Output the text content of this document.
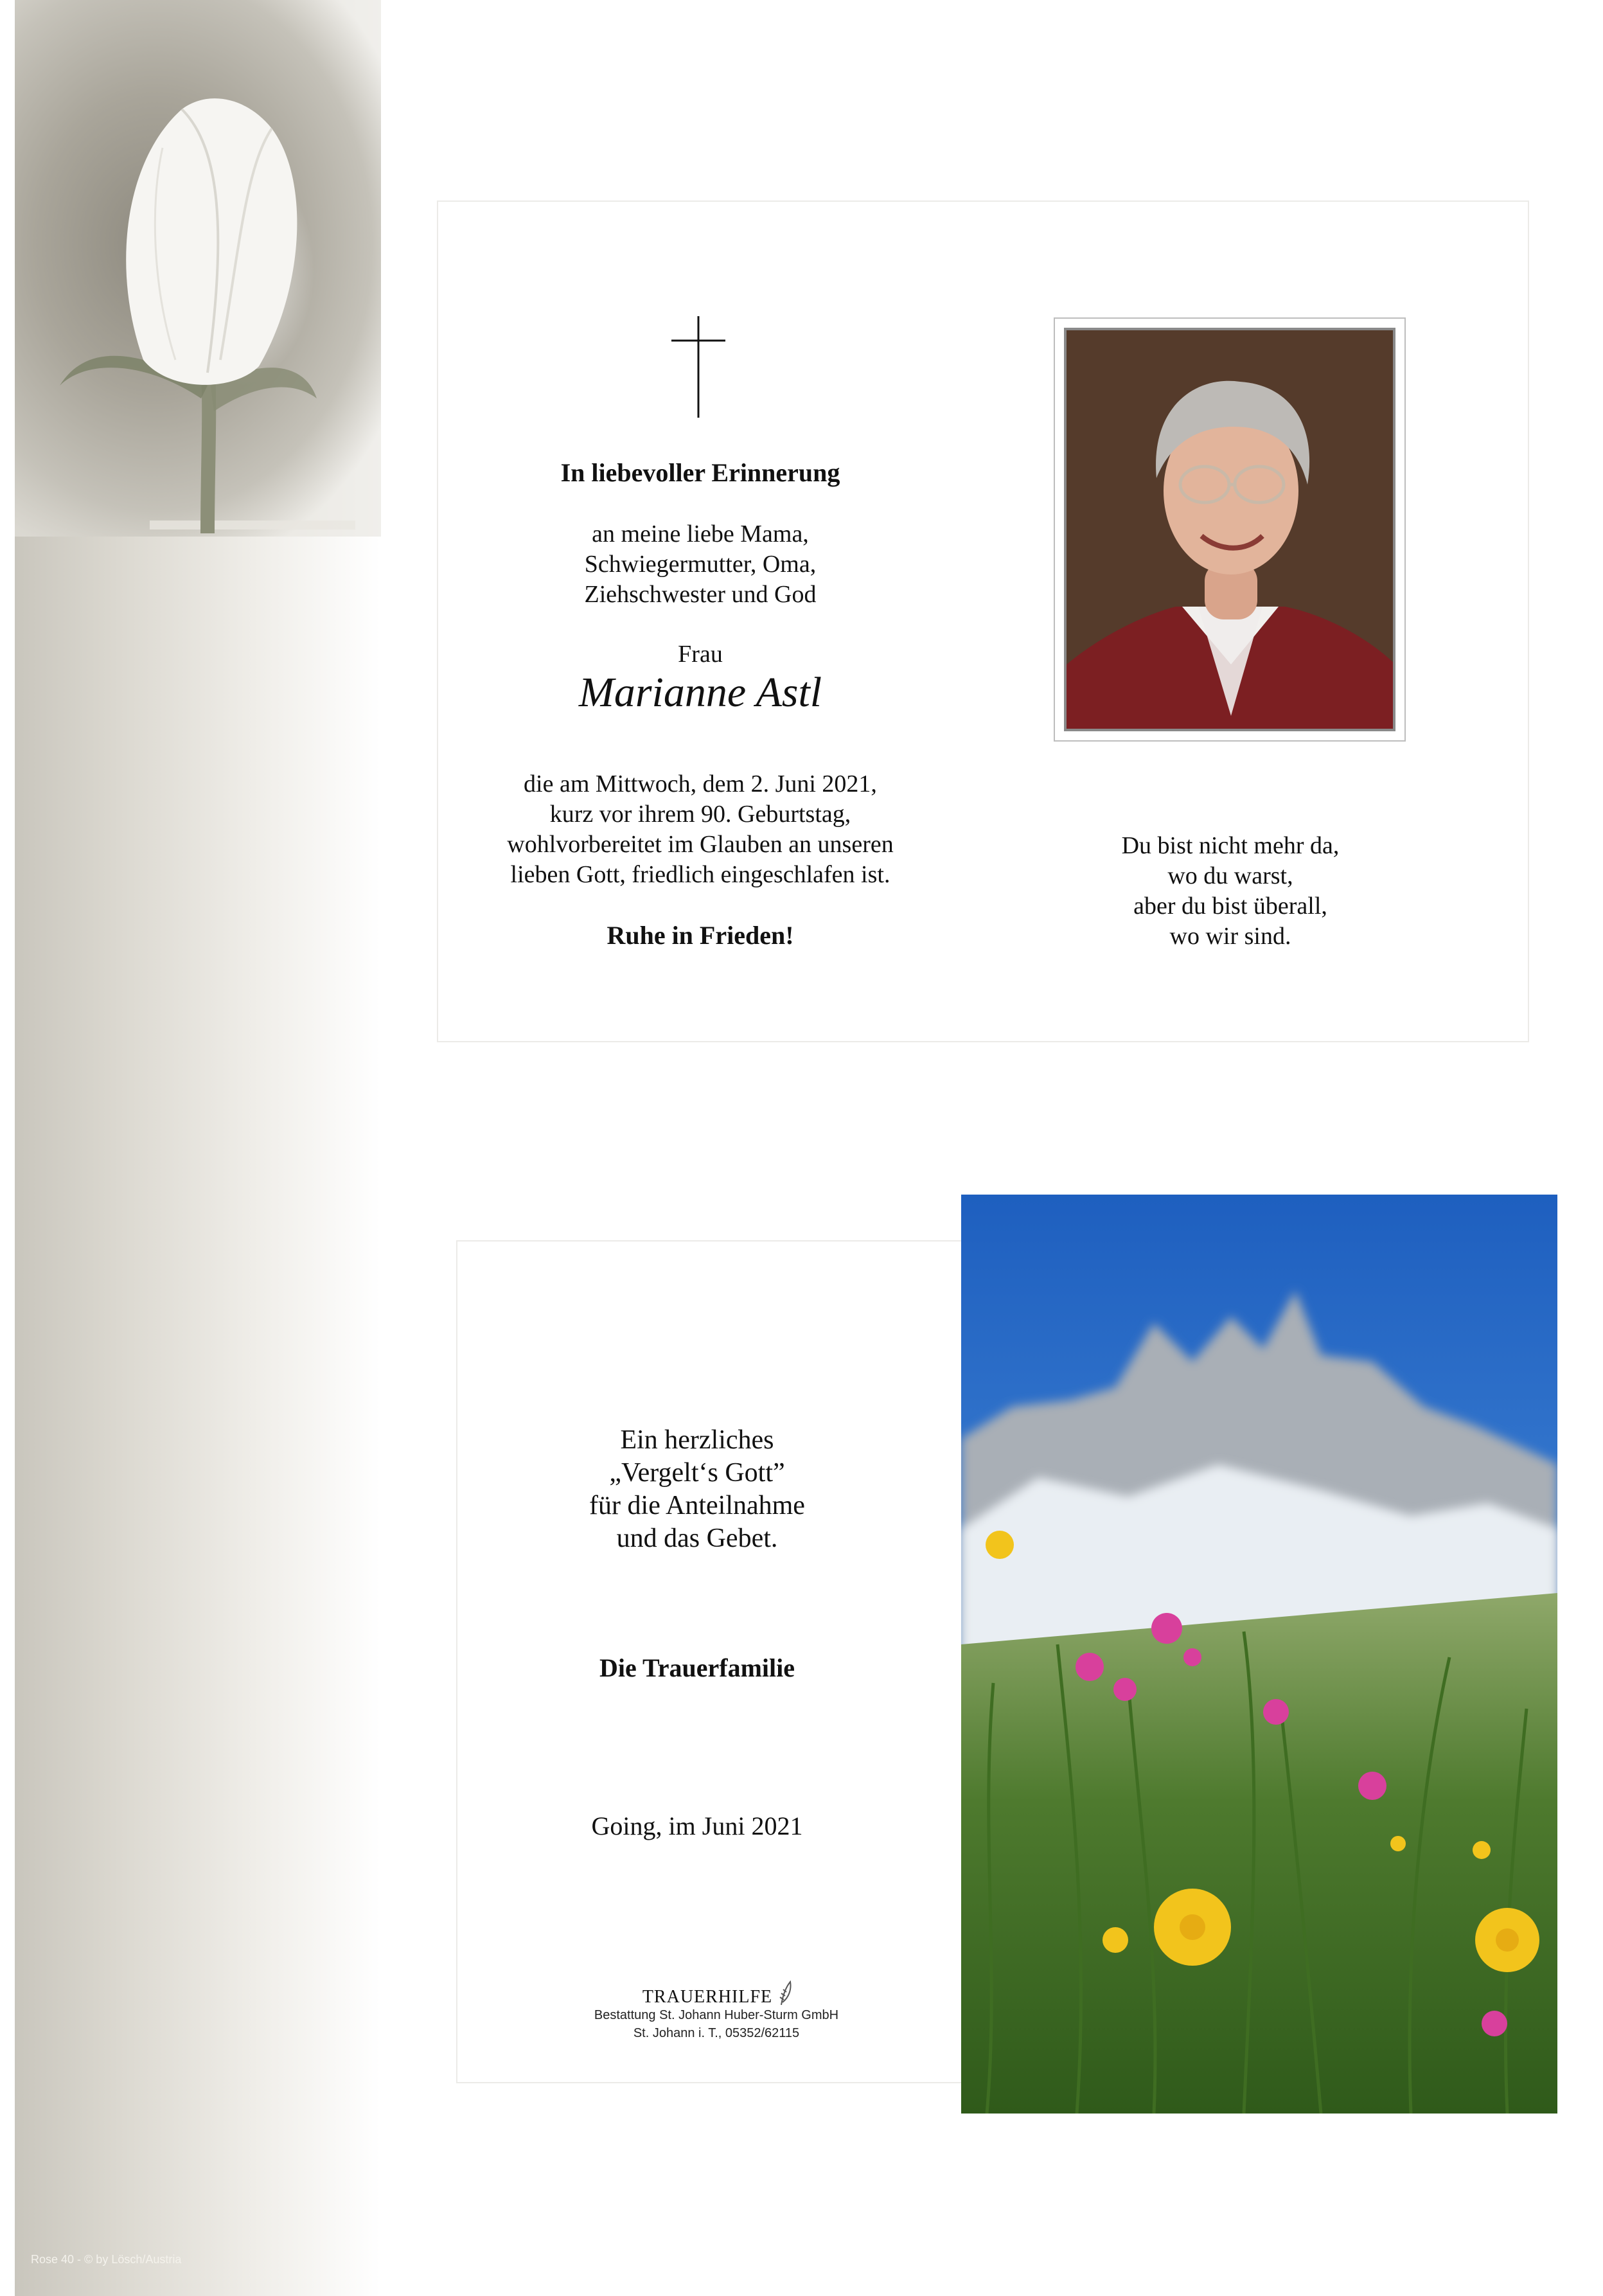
Rose 40 - © by Lösch/Austria
In liebevoller Erinnerung
an meine liebe Mama,
Schwiegermutter, Oma,
Ziehschwester und God
Frau
Marianne Astl
die am Mittwoch, dem 2. Juni 2021,
kurz vor ihrem 90. Geburtstag,
wohlvorbereitet im Glauben an unseren
lieben Gott, friedlich eingeschlafen ist.
Ruhe in Frieden!
Du bist nicht mehr da,
wo du warst,
aber du bist überall,
wo wir sind.
Ein herzliches
„Vergelt‘s Gott”
für die Anteilnahme
und das Gebet.
Die Trauerfamilie
Going, im Juni 2021
TRAUERHILFE
Bestattung St. Johann Huber-Sturm GmbH
St. Johann i. T., 05352/62115
